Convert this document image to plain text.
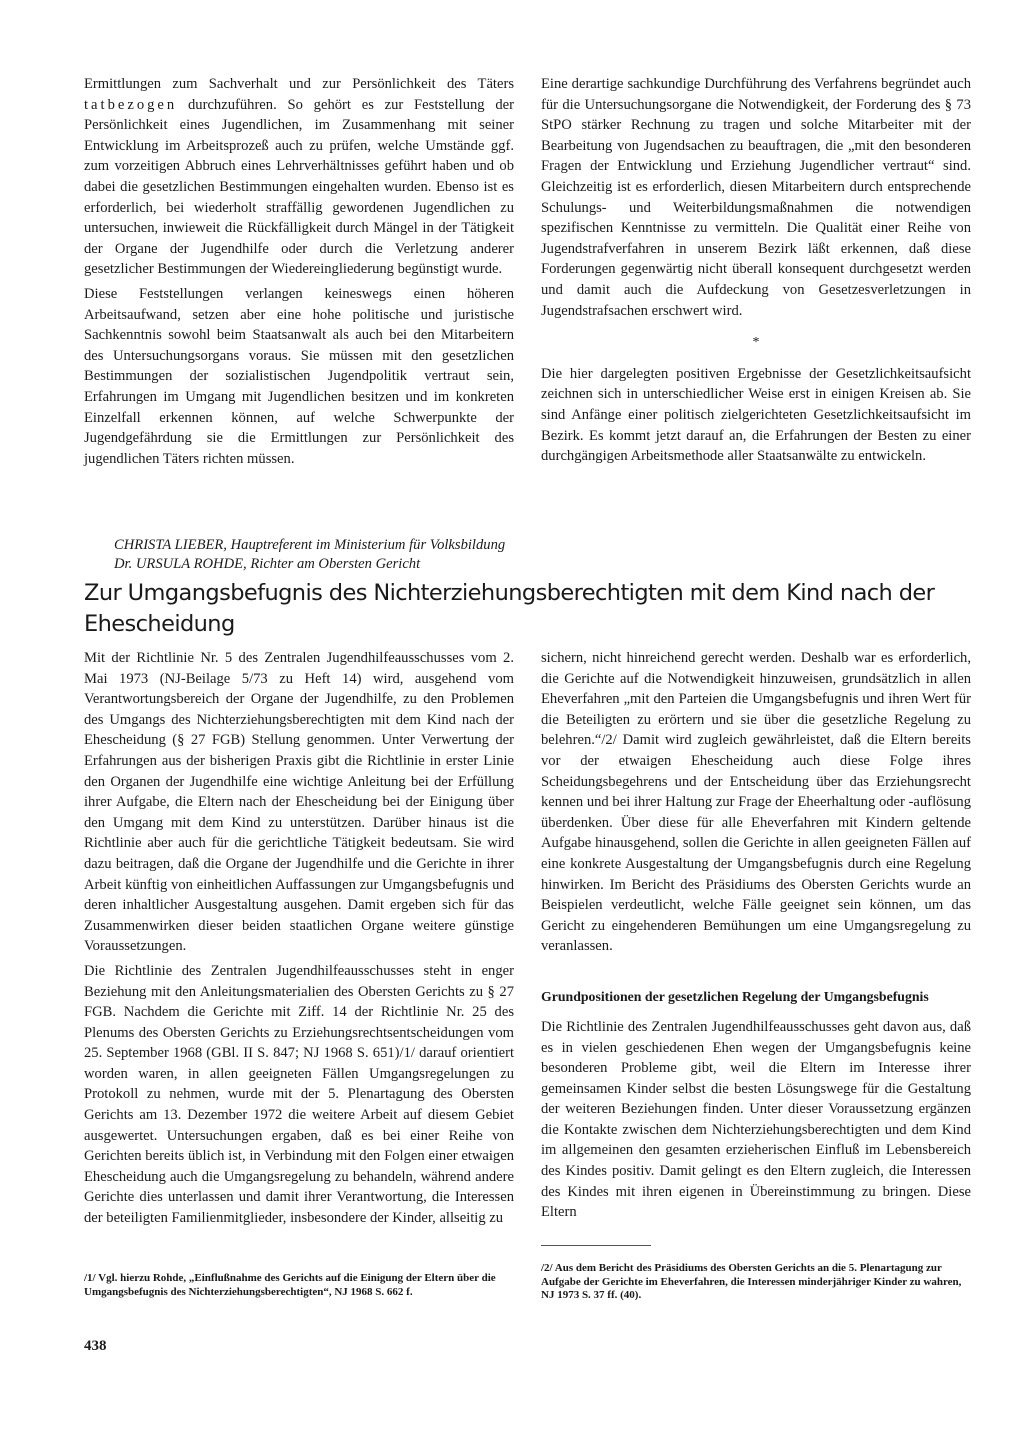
Ermittlungen zum Sachverhalt und zur Persönlichkeit des Täters tatbezogen durchzuführen. So gehört es zur Feststellung der Persönlichkeit eines Jugendlichen, im Zusammenhang mit seiner Entwicklung im Arbeitsprozeß auch zu prüfen, welche Umstände ggf. zum vorzeitigen Abbruch eines Lehrverhältnisses geführt haben und ob dabei die gesetzlichen Bestimmungen eingehalten wurden. Ebenso ist es erforderlich, bei wiederholt straffällig gewordenen Jugendlichen zu untersuchen, inwieweit die Rückfälligkeit durch Mängel in der Tätigkeit der Organe der Jugendhilfe oder durch die Verletzung anderer gesetzlicher Bestimmungen der Wiedereingliederung begünstigt wurde.

Diese Feststellungen verlangen keineswegs einen höheren Arbeitsaufwand, setzen aber eine hohe politische und juristische Sachkenntnis sowohl beim Staatsanwalt als auch bei den Mitarbeitern des Untersuchungsorgans voraus. Sie müssen mit den gesetzlichen Bestimmungen der sozialistischen Jugendpolitik vertraut sein, Erfahrungen im Umgang mit Jugendlichen besitzen und im konkreten Einzelfall erkennen können, auf welche Schwerpunkte der Jugendgefährdung sie die Ermittlungen zur Persönlichkeit des jugendlichen Täters richten müssen.

Eine derartige sachkundige Durchführung des Verfahrens begründet auch für die Untersuchungsorgane die Notwendigkeit, der Forderung des § 73 StPO stärker Rechnung zu tragen und solche Mitarbeiter mit der Bearbeitung von Jugendsachen zu beauftragen, die „mit den besonderen Fragen der Entwicklung und Erziehung Jugendlicher vertraut“ sind. Gleichzeitig ist es erforderlich, diesen Mitarbeitern durch entsprechende Schulungs- und Weiterbildungsmaßnahmen die notwendigen spezifischen Kenntnisse zu vermitteln. Die Qualität einer Reihe von Jugendstrafverfahren in unserem Bezirk läßt erkennen, daß diese Forderungen gegenwärtig nicht überall konsequent durchgesetzt werden und damit auch die Aufdeckung von Gesetzesverletzungen in Jugendstrafsachen erschwert wird.

*

Die hier dargelegten positiven Ergebnisse der Gesetzlichkeitsaufsicht zeichnen sich in unterschiedlicher Weise erst in einigen Kreisen ab. Sie sind Anfänge einer politisch zielgerichteten Gesetzlichkeitsaufsicht im Bezirk. Es kommt jetzt darauf an, die Erfahrungen der Besten zu einer durchgängigen Arbeitsmethode aller Staatsanwälte zu entwickeln.

CHRISTA LIEBER, Hauptreferent im Ministerium für Volksbildung
Dr. URSULA ROHDE, Richter am Obersten Gericht
Zur Umgangsbefugnis des Nichterziehungsberechtigten mit dem Kind nach der Ehescheidung

Mit der Richtlinie Nr. 5 des Zentralen Jugendhilfeausschusses vom 2. Mai 1973 (NJ-Beilage 5/73 zu Heft 14) wird, ausgehend vom Verantwortungsbereich der Organe der Jugendhilfe, zu den Problemen des Umgangs des Nichterziehungsberechtigten mit dem Kind nach der Ehescheidung (§ 27 FGB) Stellung genommen. Unter Verwertung der Erfahrungen aus der bisherigen Praxis gibt die Richtlinie in erster Linie den Organen der Jugendhilfe eine wichtige Anleitung bei der Erfüllung ihrer Aufgabe, die Eltern nach der Ehescheidung bei der Einigung über den Umgang mit dem Kind zu unterstützen. Darüber hinaus ist die Richtlinie aber auch für die gerichtliche Tätigkeit bedeutsam. Sie wird dazu beitragen, daß die Organe der Jugendhilfe und die Gerichte in ihrer Arbeit künftig von einheitlichen Auffassungen zur Umgangsbefugnis und deren inhaltlicher Ausgestaltung ausgehen. Damit ergeben sich für das Zusammenwirken dieser beiden staatlichen Organe weitere günstige Voraussetzungen.

Die Richtlinie des Zentralen Jugendhilfeausschusses steht in enger Beziehung mit den Anleitungsmaterialien des Obersten Gerichts zu § 27 FGB. Nachdem die Gerichte mit Ziff. 14 der Richtlinie Nr. 25 des Plenums des Obersten Gerichts zu Erziehungsrechtsentscheidungen vom 25. September 1968 (GBl. II S. 847; NJ 1968 S. 651)/1/ darauf orientiert worden waren, in allen geeigneten Fällen Umgangsregelungen zu Protokoll zu nehmen, wurde mit der 5. Plenartagung des Obersten Gerichts am 13. Dezember 1972 die weitere Arbeit auf diesem Gebiet ausgewertet. Untersuchungen ergaben, daß es bei einer Reihe von Gerichten bereits üblich ist, in Verbindung mit den Folgen einer etwaigen Ehescheidung auch die Umgangsregelung zu behandeln, während andere Gerichte dies unterlassen und damit ihrer Verantwortung, die Interessen der beteiligten Familienmitglieder, insbesondere der Kinder, allseitig zu

sichern, nicht hinreichend gerecht werden. Deshalb war es erforderlich, die Gerichte auf die Notwendigkeit hinzuweisen, grundsätzlich in allen Eheverfahren „mit den Parteien die Umgangsbefugnis und ihren Wert für die Beteiligten zu erörtern und sie über die gesetzliche Regelung zu belehren.“/2/ Damit wird zugleich gewährleistet, daß die Eltern bereits vor der etwaigen Ehescheidung auch diese Folge ihres Scheidungsbegehrens und der Entscheidung über das Erziehungsrecht kennen und bei ihrer Haltung zur Frage der Eheerhaltung oder -auflösung überdenken. Über diese für alle Eheverfahren mit Kindern geltende Aufgabe hinausgehend, sollen die Gerichte in allen geeigneten Fällen auf eine konkrete Ausgestaltung der Umgangsbefugnis durch eine Regelung hinwirken. Im Bericht des Präsidiums des Obersten Gerichts wurde an Beispielen verdeutlicht, welche Fälle geeignet sein können, um das Gericht zu eingehenderen Bemühungen um eine Umgangsregelung zu veranlassen.

Grundpositionen der gesetzlichen Regelung der Umgangsbefugnis

Die Richtlinie des Zentralen Jugendhilfeausschusses geht davon aus, daß es in vielen geschiedenen Ehen wegen der Umgangsbefugnis keine besonderen Probleme gibt, weil die Eltern im Interesse ihrer gemeinsamen Kinder selbst die besten Lösungswege für die Gestaltung der weiteren Beziehungen finden. Unter dieser Voraussetzung ergänzen die Kontakte zwischen dem Nichterziehungsberechtigten und dem Kind im allgemeinen den gesamten erzieherischen Einfluß im Lebensbereich des Kindes positiv. Damit gelingt es den Eltern zugleich, die Interessen des Kindes mit ihren eigenen in Übereinstimmung zu bringen. Diese Eltern

/1/ Vgl. hierzu Rohde, „Einflußnahme des Gerichts auf die Einigung der Eltern über die Umgangsbefugnis des Nichterziehungsberechtigten“, NJ 1968 S. 662 f.
/2/ Aus dem Bericht des Präsidiums des Obersten Gerichts an die 5. Plenartagung zur Aufgabe der Gerichte im Eheverfahren, die Interessen minderjähriger Kinder zu wahren, NJ 1973 S. 37 ff. (40).
438
